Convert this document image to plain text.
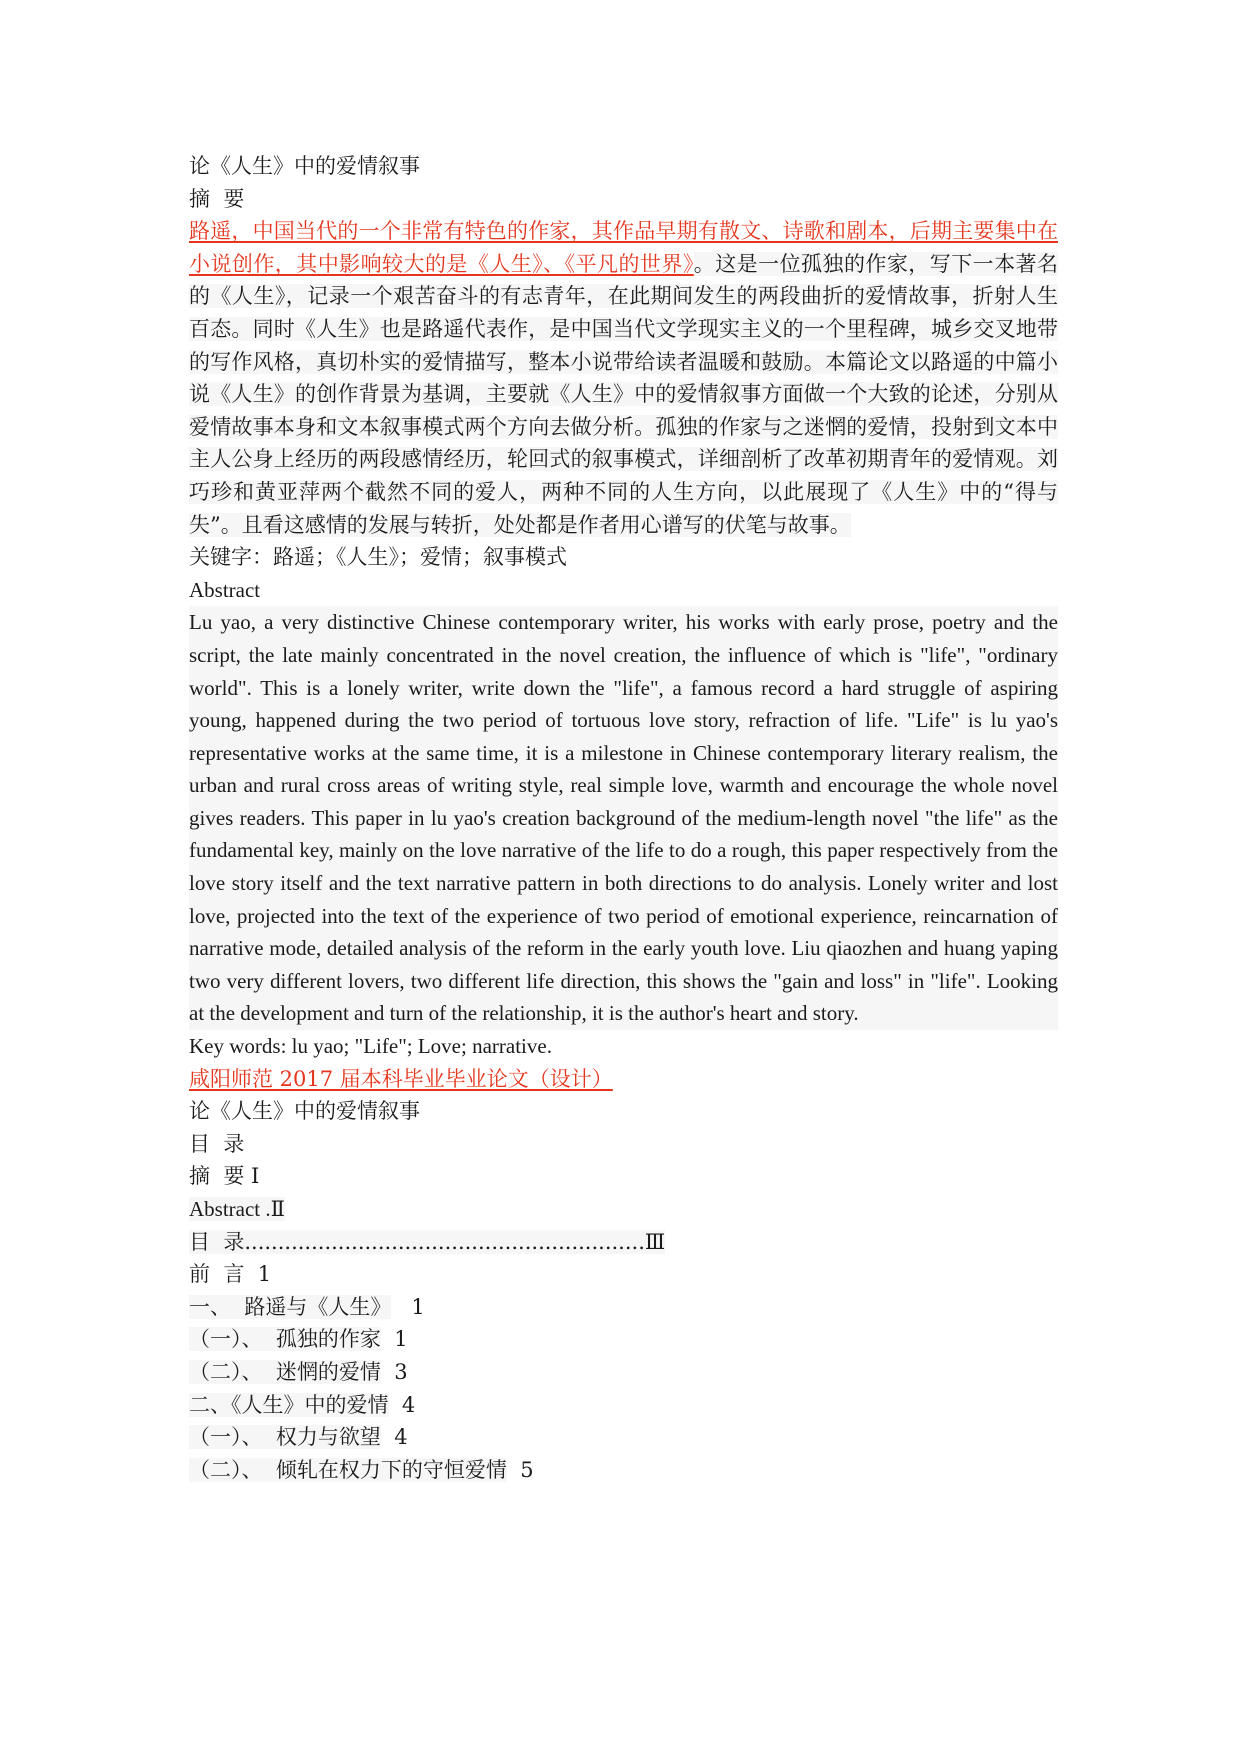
论《人生》中的爱情叙事
摘  要

路遥，中国当代的一个非常有特色的作家，其作品早期有散文、诗歌和剧本，后期主要集中在小说创作，其中影响较大的是《人生》、《平凡的世界》。这是一位孤独的作家，写下一本著名的《人生》，记录一个艰苦奋斗的有志青年，在此期间发生的两段曲折的爱情故事，折射人生百态。同时《人生》也是路遥代表作，是中国当代文学现实主义的一个里程碑，城乡交叉地带的写作风格，真切朴实的爱情描写，整本小说带给读者温暖和鼓励。本篇论文以路遥的中篇小说《人生》的创作背景为基调，主要就《人生》中的爱情叙事方面做一个大致的论述，分别从爱情故事本身和文本叙事模式两个方向去做分析。孤独的作家与之迷惘的爱情，投射到文本中主人公身上经历的两段感情经历，轮回式的叙事模式，详细剖析了改革初期青年的爱情观。刘巧珍和黄亚萍两个截然不同的爱人，两种不同的人生方向，以此展现了《人生》中的“得与失”。且看这感情的发展与转折，处处都是作者用心谱写的伏笔与故事。

关键字：路遥；《人生》；爱情；叙事模式
Abstract

Lu yao, a very distinctive Chinese contemporary writer, his works with early prose, poetry and the script, the late mainly concentrated in the novel creation, the influence of which is "life", "ordinary world". This is a lonely writer, write down the "life", a famous record a hard struggle of aspiring young, happened during the two period of tortuous love story, refraction of life. "Life" is lu yao's representative works at the same time, it is a milestone in Chinese contemporary literary realism, the urban and rural cross areas of writing style, real simple love, warmth and encourage the whole novel gives readers. This paper in lu yao's creation background of the medium-length novel "the life" as the fundamental key, mainly on the love narrative of the life to do a rough, this paper respectively from the love story itself and the text narrative pattern in both directions to do analysis. Lonely writer and lost love, projected into the text of the experience of two period of emotional experience, reincarnation of narrative mode, detailed analysis of the reform in the early youth love. Liu qiaozhen and huang yaping two very different lovers, two different life direction, this shows the "gain and loss" in "life". Looking at the development and turn of the relationship, it is the author's heart and story.

Key words: lu yao; "Life"; Love; narrative.
咸阳师范 2017 届本科毕业毕业论文（设计）
论《人生》中的爱情叙事
目  录
摘  要 I
Abstract .Ⅱ
目  录............................................................Ⅲ
前  言 1
一、  路遥与《人生》 1
（一）、  孤独的作家 1
（二）、  迷惘的爱情 3
二、《人生》中的爱情 4
（一）、  权力与欲望 4
（二）、  倾轧在权力下的守恒爱情 5
